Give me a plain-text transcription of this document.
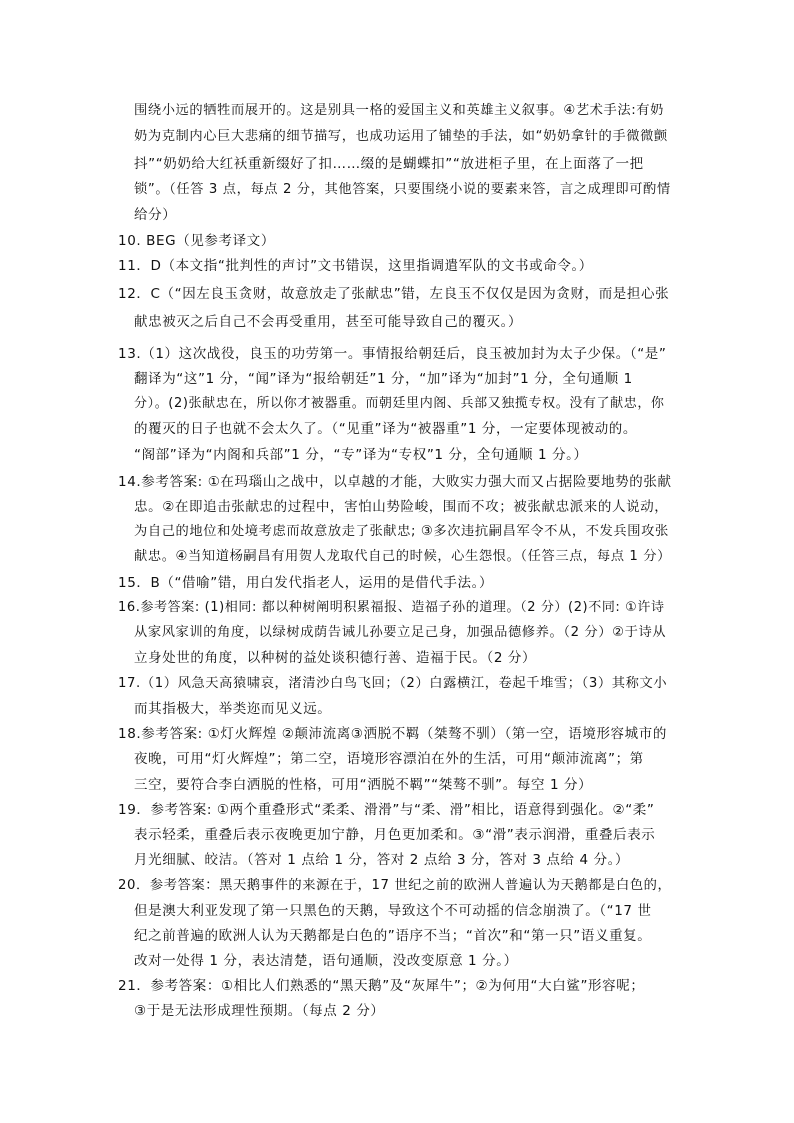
围绕小远的牺牲而展开的。这是别具一格的爱国主义和英雄主义叙事。④艺术手法:有奶
奶为克制内心巨大悲痛的细节描写，也成功运用了铺垫的手法，如“奶奶拿针的手微微颤
抖”“奶奶给大红袄重新缀好了扣……缀的是蝴蝶扣”“放进柜子里，在上面落了一把
锁”。（任答 3 点，每点 2 分，其他答案，只要围绕小说的要素来答，言之成理即可酌情
给分）
10. BEG（见参考译文）
11．D（本文指“批判性的声讨”文书错误，这里指调遣军队的文书或命令。）
12．C（“因左良玉贪财，故意放走了张献忠”错，左良玉不仅仅是因为贪财，而是担心张
献忠被灭之后自己不会再受重用，甚至可能导致自己的覆灭。）
13.（1）这次战役，良玉的功劳第一。事情报给朝廷后，良玉被加封为太子少保。（“是”
翻译为“这”1 分，“闻”译为“报给朝廷”1 分，“加”译为“加封”1 分，全句通顺 1
分）。(2)张献忠在，所以你才被器重。而朝廷里内阁、兵部又独揽专权。没有了献忠，你
的覆灭的日子也就不会太久了。（“见重”译为“被器重”1 分，一定要体现被动的。
“阁部”译为“内阁和兵部”1 分，“专”译为“专权”1 分，全句通顺 1 分。）
14.参考答案: ①在玛瑙山之战中，以卓越的才能，大败实力强大而又占据险要地势的张献
忠。②在即追击张献忠的过程中，害怕山势险峻，围而不攻；被张献忠派来的人说动，
为自己的地位和处境考虑而故意放走了张献忠; ③多次违抗嗣昌军令不从，不发兵围攻张
献忠。④当知道杨嗣昌有用贺人龙取代自己的时候，心生怨恨。（任答三点，每点 1 分）
15．B（“借喻”错，用白发代指老人，运用的是借代手法。）
16.参考答案: (1)相同: 都以种树阐明积累福报、造福子孙的道理。（2 分）(2)不同: ①许诗
从家风家训的角度，以绿树成荫告诫儿孙要立足己身，加强品德修养。（2 分）②于诗从
立身处世的角度，以种树的益处谈积德行善、造福于民。（2 分）
17.（1）风急天高猿啸哀，渚清沙白鸟飞回；（2）白露横江，卷起千堆雪；（3）其称文小
而其指极大，举类迩而见义远。
18.参考答案: ①灯火辉煌 ②颠沛流离③洒脱不羁（桀骜不驯）（第一空，语境形容城市的
夜晚，可用“灯火辉煌”；第二空，语境形容漂泊在外的生活，可用“颠沛流离”；第
三空，要符合李白洒脱的性格，可用“洒脱不羁”“桀骜不驯”。每空 1 分）
19．参考答案: ①两个重叠形式“柔柔、滑滑”与“柔、滑”相比，语意得到强化。②“柔”
表示轻柔，重叠后表示夜晚更加宁静，月色更加柔和。③“滑”表示润滑，重叠后表示
月光细腻、皎洁。（答对 1 点给 1 分，答对 2 点给 3 分，答对 3 点给 4 分。）
20．参考答案：黑天鹅事件的来源在于，17 世纪之前的欧洲人普遍认为天鹅都是白色的，
但是澳大利亚发现了第一只黑色的天鹅，导致这个不可动摇的信念崩溃了。（“17 世
纪之前普遍的欧洲人认为天鹅都是白色的”语序不当；“首次”和“第一只”语义重复。
改对一处得 1 分，表达清楚，语句通顺，没改变原意 1 分。）
21．参考答案：①相比人们熟悉的“黑天鹅”及“灰犀牛”；②为何用“大白鲨”形容呢；
③于是无法形成理性预期。（每点 2 分）
